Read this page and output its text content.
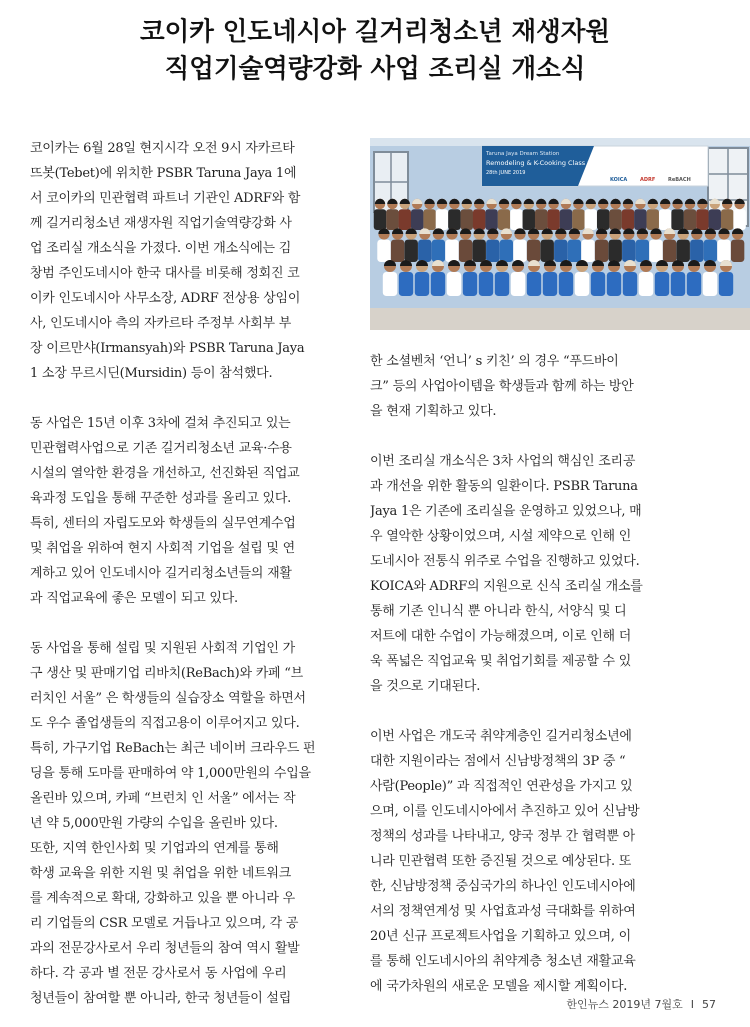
코이카 인도네시아 길거리청소년 재생자원
직업기술역량강화 사업 조리실 개소식
코이카는 6월 28일 현지시각 오전 9시 자카르타
뜨봇(Tebet)에 위치한 PSBR Taruna Jaya 1에
서 코이카의 민관협력 파트너 기관인 ADRF와 함
께 길거리청소년 재생자원 직업기술역량강화 사
업 조리실 개소식을 가졌다. 이번 개소식에는 김
창범 주인도네시아 한국 대사를 비롯해 정회진 코
이카 인도네시아 사무소장, ADRF 전상용 상임이
사, 인도네시아 측의 자카르타 주정부 사회부 부
장 이르만샤(Irmansyah)와 PSBR Taruna Jaya
1 소장 무르시딘(Mursidin) 등이 참석했다.
동 사업은 15년 이후 3차에 걸쳐 추진되고 있는
민관협력사업으로 기존 길거리청소년 교육·수용
시설의 열악한 환경을 개선하고, 선진화된 직업교
육과정 도입을 통해 꾸준한 성과를 올리고 있다.
특히, 센터의 자립도모와 학생들의 실무연계수업
및 취업을 위하여 현지 사회적 기업을 설립 및 연
계하고 있어 인도네시아 길거리청소년들의 재활
과 직업교육에 좋은 모델이 되고 있다.
동 사업을 통해 설립 및 지원된 사회적 기업인 가
구 생산 및 판매기업 리바치(ReBach)와 카페 “브
러치인 서울” 은 학생들의 실습장소 역할을 하면서
도 우수 졸업생들의 직접고용이 이루어지고 있다.
특히, 가구기업 ReBach는 최근 네이버 크라우드 펀
딩을 통해 도마를 판매하여 약 1,000만원의 수입을
올린바 있으며, 카페 “브런치 인 서울” 에서는 작
년 약 5,000만원 가량의 수입을 올린바 있다.
또한, 지역 한인사회 및 기업과의 연계를 통해
학생 교육을 위한 지원 및 취업을 위한 네트워크
를 계속적으로 확대, 강화하고 있을 뿐 아니라 우
리 기업들의 CSR 모델로 거듭나고 있으며, 각 공
과의 전문강사로서 우리 청년들의 참여 역시 활발
하다. 각 공과 별 전문 강사로서 동 사업에 우리
청년들이 참여할 뿐 아니라, 한국 청년들이 설립
Taruna Jaya Dream Station
Remodeling & K-Cooking Class Opening Ceremony
28th JUNE 2019
KOICA	ADRF	ReBACH
한 소셜벤처 ‘언니’ s 키친’ 의 경우 “푸드바이
크” 등의 사업아이템을 학생들과 함께 하는 방안
을 현재 기획하고 있다.
이번 조리실 개소식은 3차 사업의 핵심인 조리공
과 개선을 위한 활동의 일환이다. PSBR Taruna
Jaya 1은 기존에 조리실을 운영하고 있었으나, 매
우 열악한 상황이었으며, 시설 제약으로 인해 인
도네시아 전통식 위주로 수업을 진행하고 있었다.
KOICA와 ADRF의 지원으로 신식 조리실 개소를
통해 기존 인니식 뿐 아니라 한식, 서양식 및 디
저트에 대한 수업이 가능해졌으며, 이로 인해 더
욱 폭넓은 직업교육 및 취업기회를 제공할 수 있
을 것으로 기대된다.
이번 사업은 개도국 취약계층인 길거리청소년에
대한 지원이라는 점에서 신남방정책의 3P 중 “
사람(People)” 과 직접적인 연관성을 가지고 있
으며, 이를 인도네시아에서 추진하고 있어 신남방
정책의 성과를 나타내고, 양국 정부 간 협력뿐 아
니라 민관협력 또한 증진될 것으로 예상된다. 또
한, 신남방정책 중심국가의 하나인 인도네시아에
서의 정책연계성 및 사업효과성 극대화를 위하여
20년 신규 프로젝트사업을 기획하고 있으며, 이
를 통해 인도네시아의 취약계층 청소년 재활교육
에 국가차원의 새로운 모델을 제시할 계획이다.
한인뉴스 2019년 7월호 I 57
